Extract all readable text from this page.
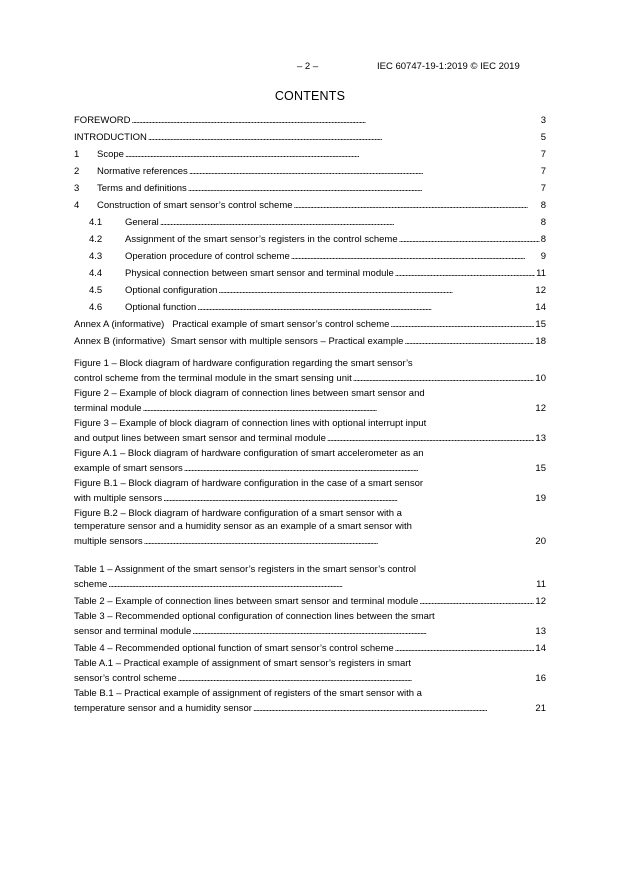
– 2 –	IEC 60747-19-1:2019 © IEC 2019
CONTENTS
FOREWORD . . .	3
INTRODUCTION . . .	5
1	Scope . . .	7
2	Normative references . . .	7
3	Terms and definitions . . .	7
4	Construction of smart sensor’s control scheme . . .	8
4.1	General . . .	8
4.2	Assignment of the smart sensor’s registers in the control scheme . . .	8
4.3	Operation procedure of control scheme . . .	9
4.4	Physical connection between smart sensor and terminal module . . .	11
4.5	Optional configuration . . .	12
4.6	Optional function . . .	14
Annex A (informative)   Practical example of smart sensor’s control scheme . . .	15
Annex B (informative)  Smart sensor with multiple sensors – Practical example . . .	18
Figure 1 – Block diagram of hardware configuration regarding the smart sensor’s
control scheme from the terminal module in the smart sensing unit . . .	10
Figure 2 – Example of block diagram of connection lines between smart sensor and
terminal module . . .	12
Figure 3 – Example of block diagram of connection lines with optional interrupt input
and output lines between smart sensor and terminal module . . .	13
Figure A.1 – Block diagram of hardware configuration of smart accelerometer as an
example of smart sensors . . .	15
Figure B.1 – Block diagram of hardware configuration in the case of a smart sensor
with multiple sensors . . .	19
Figure B.2 – Block diagram of hardware configuration of a smart sensor with a
temperature sensor and a humidity sensor as an example of a smart sensor with
multiple sensors . . .	20
Table 1 – Assignment of the smart sensor’s registers in the smart sensor’s control
scheme . . .	11
Table 2 – Example of connection lines between smart sensor and terminal module . . .	12
Table 3 – Recommended optional configuration of connection lines between the smart
sensor and terminal module . . .	13
Table 4 – Recommended optional function of smart sensor’s control scheme . . .	14
Table A.1 – Practical example of assignment of smart sensor’s registers in smart
sensor’s control scheme . . .	16
Table B.1 – Practical example of assignment of registers of the smart sensor with a
temperature sensor and a humidity sensor . . .	21
